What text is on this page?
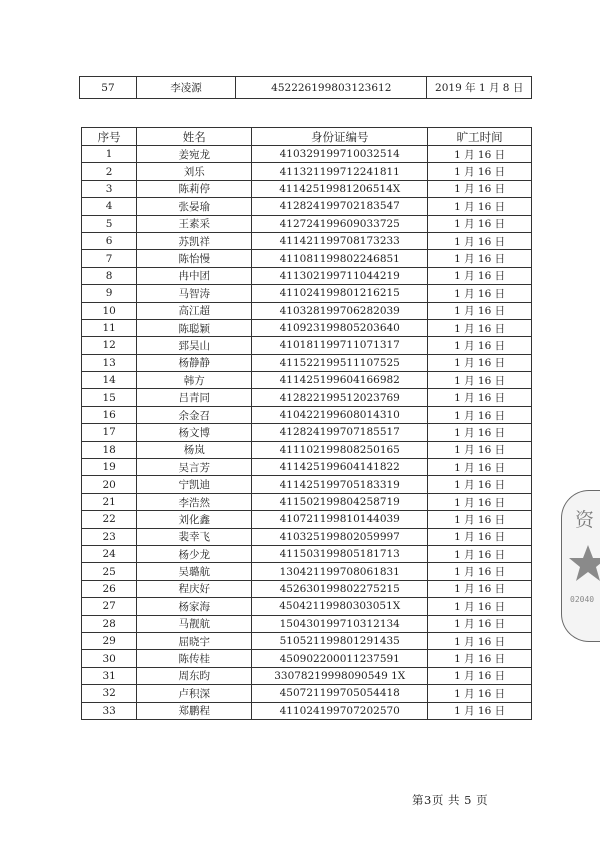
57	李凌源	452226199803123612	2019 年 1 月 8 日
序号	姓名	身份证编号	旷工时间
1	姜宛龙	410329199710032514	1 月 16 日
2	刘乐	411321199712241811	1 月 16 日
3	陈莉停	41142519981206514X	1 月 16 日
4	张晏瑜	412824199702183547	1 月 16 日
5	王素采	412724199609033725	1 月 16 日
6	苏凯祥	411421199708173233	1 月 16 日
7	陈怡慢	411081199802246851	1 月 16 日
8	冉中团	411302199711044219	1 月 16 日
9	马智涛	411024199801216215	1 月 16 日
10	高江超	410328199706282039	1 月 16 日
11	陈聪颖	410923199805203640	1 月 16 日
12	郅昊山	410181199711071317	1 月 16 日
13	杨静静	411522199511107525	1 月 16 日
14	韩方	411425199604166982	1 月 16 日
15	吕青同	412822199512023769	1 月 16 日
16	余金召	410422199608014310	1 月 16 日
17	杨文博	412824199707185517	1 月 16 日
18	杨岚	411102199808250165	1 月 16 日
19	吴言芳	411425199604141822	1 月 16 日
20	宁凯迪	411425199705183319	1 月 16 日
21	李浩然	411502199804258719	1 月 16 日
22	刘化鑫	410721199810144039	1 月 16 日
23	裴幸飞	410325199802059997	1 月 16 日
24	杨少龙	411503199805181713	1 月 16 日
25	吴璐航	130421199708061831	1 月 16 日
26	程庆好	452630199802275215	1 月 16 日
27	杨家海	45042119980303051X	1 月 16 日
28	马靓航	150430199710312134	1 月 16 日
29	屈晓宇	510521199801291435	1 月 16 日
30	陈传桂	450902200011237591	1 月 16 日
31	周东昀	33078219998090549 1X	1 月 16 日
32	卢积深	450721199705054418	1 月 16 日
33	郑鹏程	411024199707202570	1 月 16 日
第3页 共 5 页
资
02040
